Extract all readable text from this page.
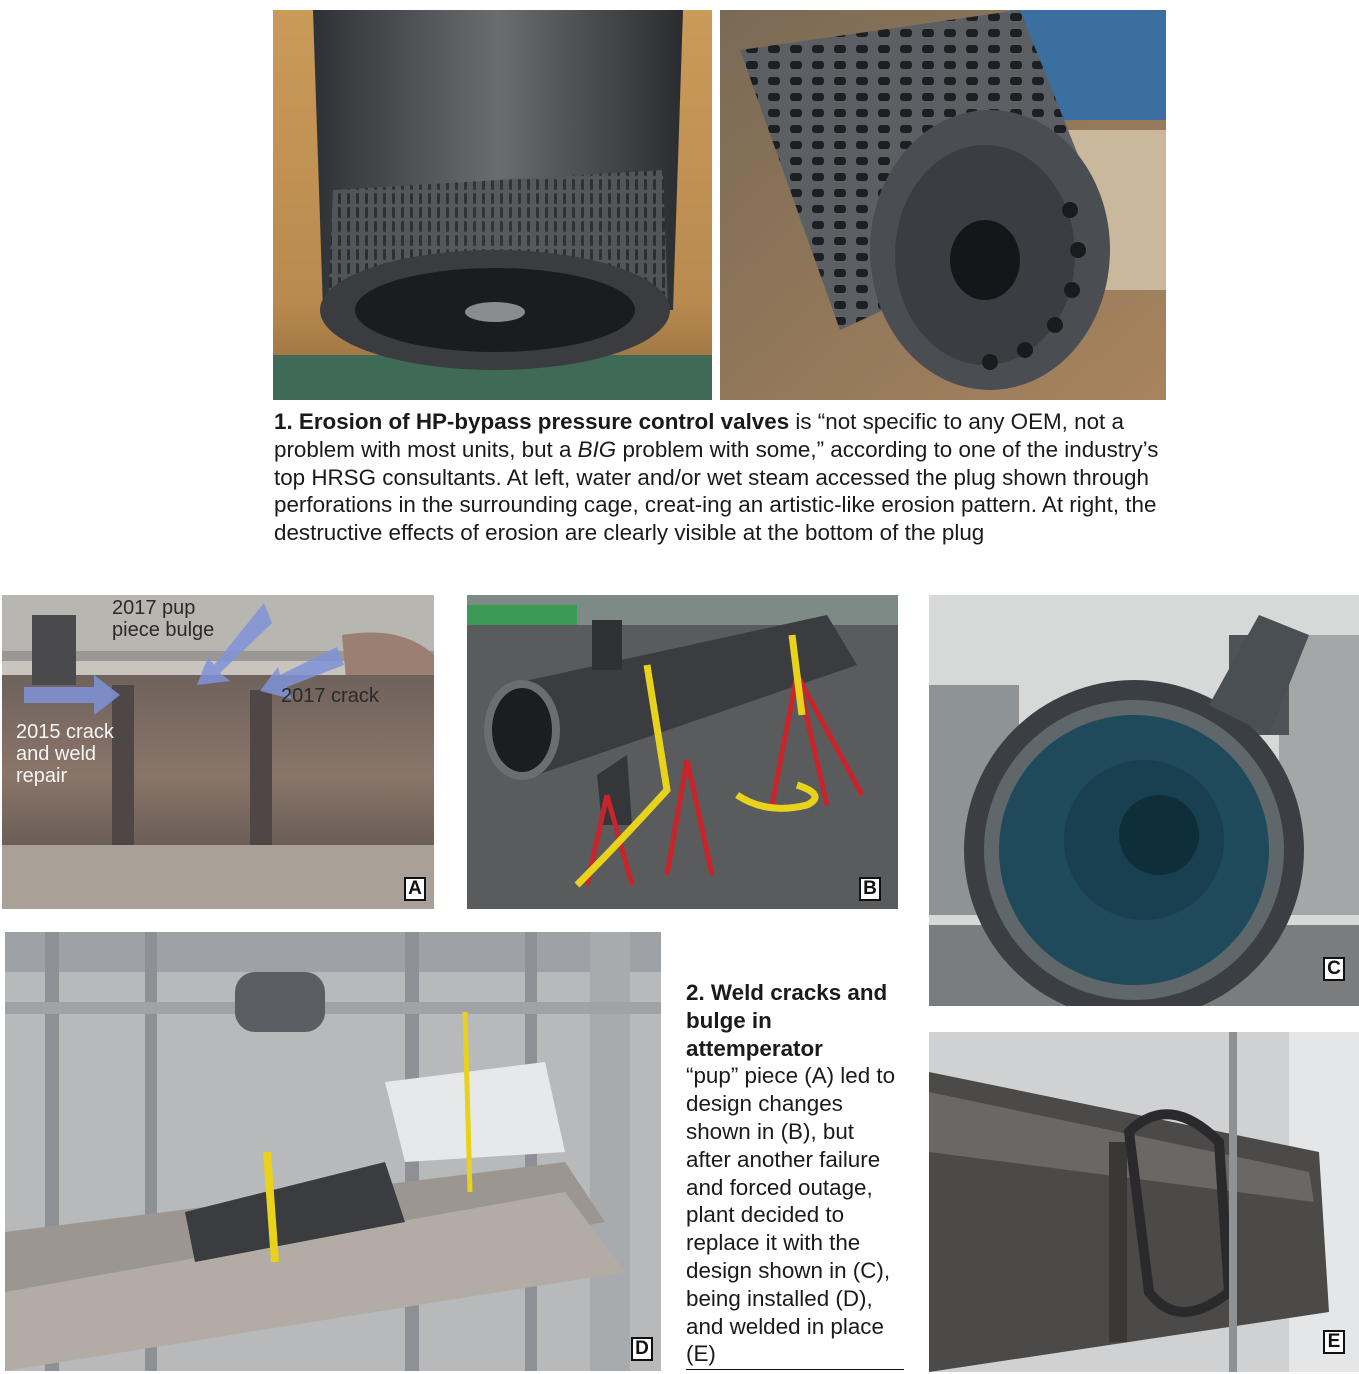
1. Erosion of HP-bypass pressure control valves is “not specific to any OEM, not a problem with most units, but a BIG problem with some,” according to one of the industry’s top HRSG consultants. At left, water and/or wet steam accessed the plug shown through perforations in the surrounding cage, creat-ing an artistic-like erosion pattern. At right, the destructive effects of erosion are clearly visible at the bottom of the plug

2017 pup
piece bulge
2017 crack
2015 crack
and weld
repair
A	B
C
D

2. Weld cracks and bulge in attemperator
“pup” piece (A) led to design changes shown in (B), but after another failure and forced outage, plant decided to replace it with the design shown in (C), being installed (D), and welded in place (E)	E
